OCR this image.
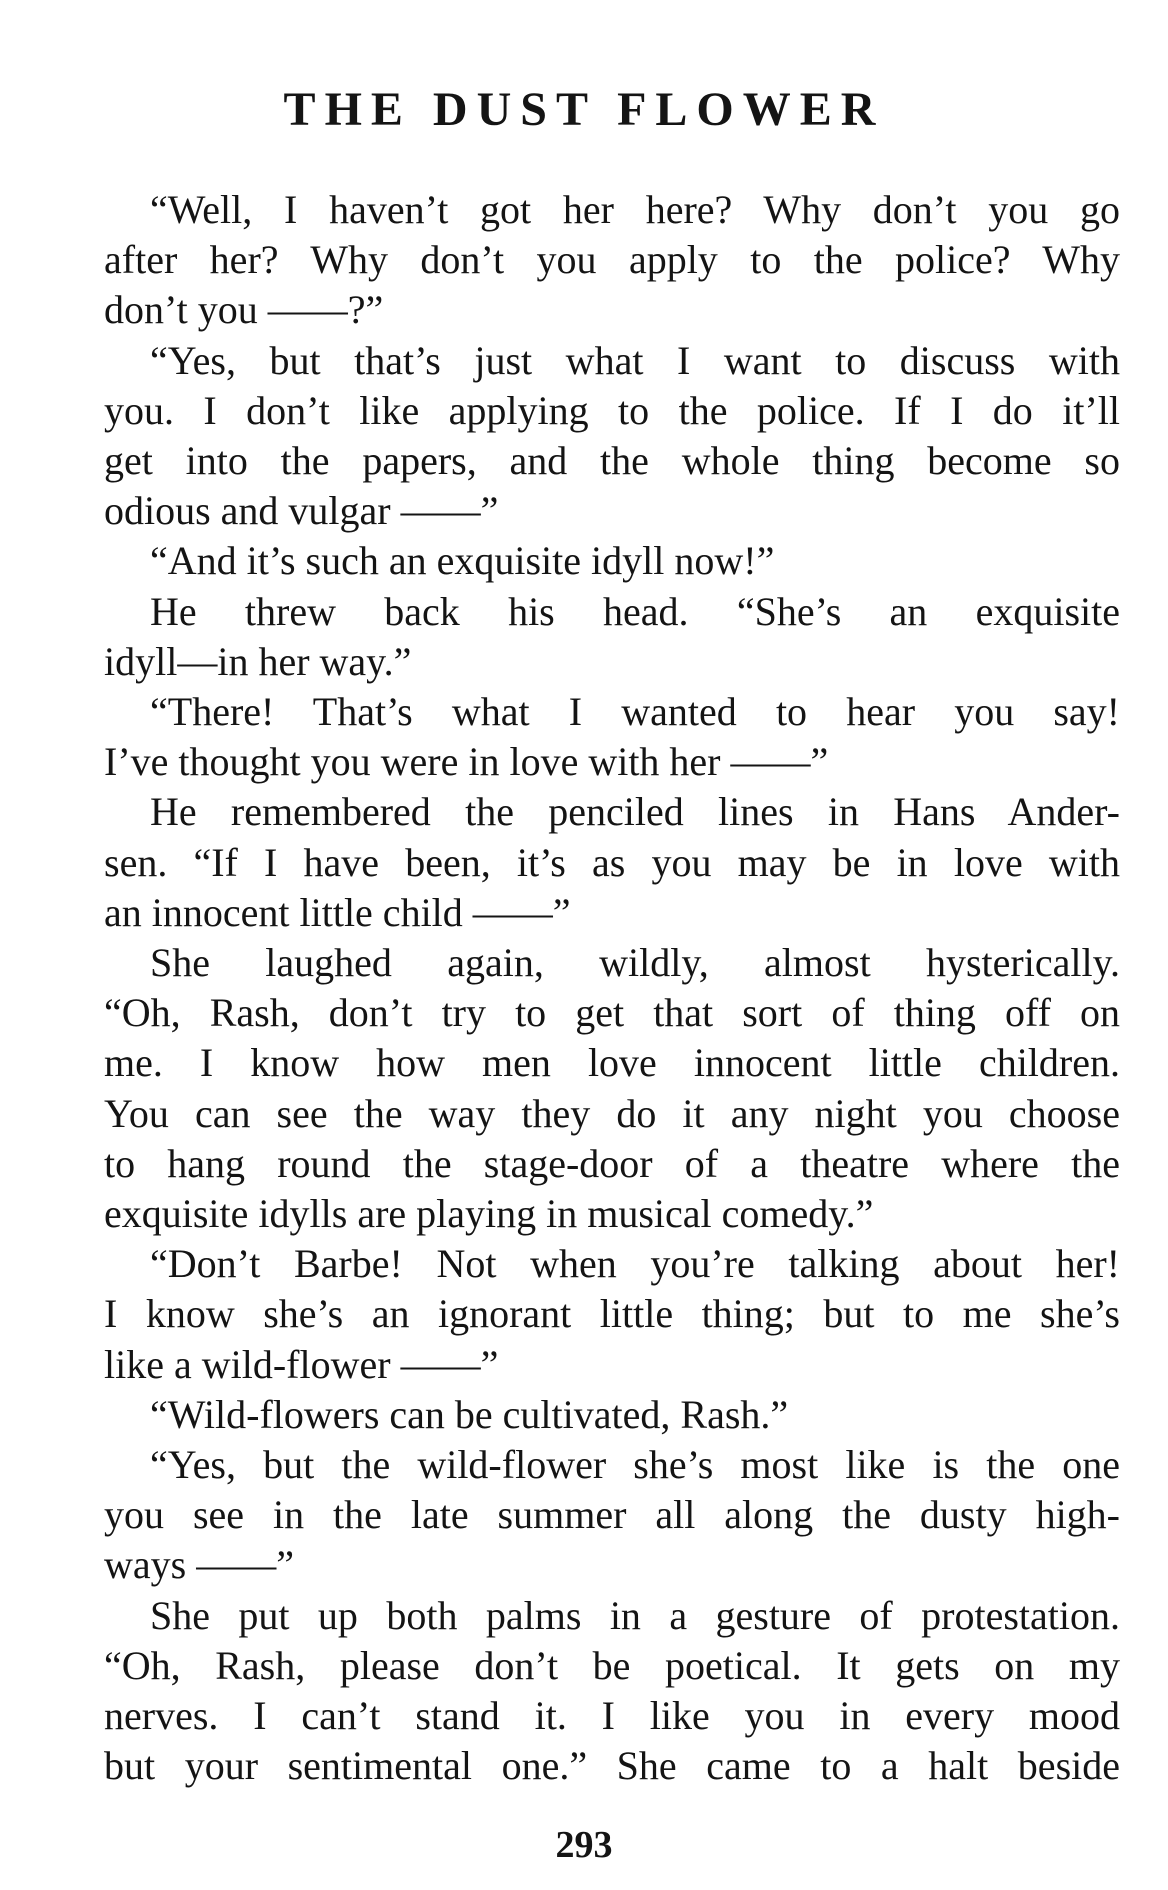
THE DUST FLOWER
“Well, I haven’t got her here? Why don’t you go
after her? Why don’t you apply to the police? Why
don’t you ——?”
“Yes, but that’s just what I want to discuss with
you. I don’t like applying to the police. If I do it’ll
get into the papers, and the whole thing become so
odious and vulgar ——”
“And it’s such an exquisite idyll now!”
He threw back his head. “She’s an exquisite
idyll—in her way.”
“There! That’s what I wanted to hear you say!
I’ve thought you were in love with her ——”
He remembered the penciled lines in Hans Ander-
sen. “If I have been, it’s as you may be in love with
an innocent little child ——”
She laughed again, wildly, almost hysterically.
“Oh, Rash, don’t try to get that sort of thing off on
me. I know how men love innocent little children.
You can see the way they do it any night you choose
to hang round the stage-door of a theatre where the
exquisite idylls are playing in musical comedy.”
“Don’t Barbe! Not when you’re talking about her!
I know she’s an ignorant little thing; but to me she’s
like a wild-flower ——”
“Wild-flowers can be cultivated, Rash.”
“Yes, but the wild-flower she’s most like is the one
you see in the late summer all along the dusty high-
ways ——”
She put up both palms in a gesture of protestation.
“Oh, Rash, please don’t be poetical. It gets on my
nerves. I can’t stand it. I like you in every mood
but your sentimental one.” She came to a halt beside
293
